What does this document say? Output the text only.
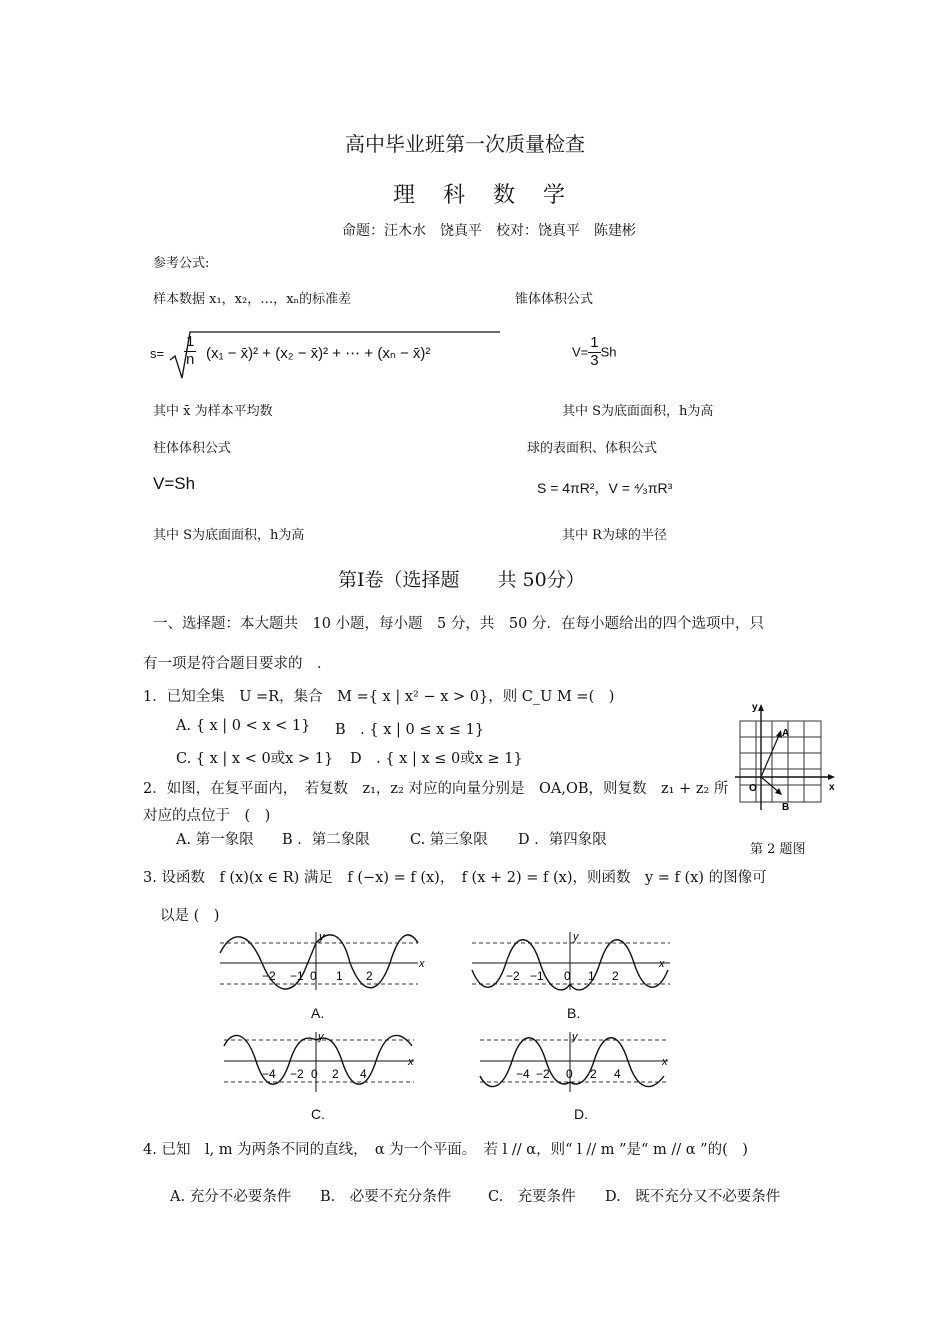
高中毕业班第一次质量检查
理科数学
命题：汪木水　饶真平　校对：饶真平　陈建彬
参考公式:
样本数据 x₁，x₂，…，xₙ的标准差	锥体体积公式
$s= \frac{1}{n} (x_1$ − x̄)² + (x₂ − x̄)² + ⋯ + (xₙ − x̄)²	$V= \frac{1}{3}$ Sh
其中 x̄ 为样本平均数	其中 S为底面面积，h为高
柱体体积公式	球的表面积、体积公式
V=Sh	S = 4πR²，V = ⁴⁄₃πR³
其中 S为底面面积，h为高	其中 R为球的半径
第Ⅰ卷（选择题　　共 50分）
一、选择题：本大题共　10 小题，每小题　5 分，共　50 分．在每小题给出的四个选项中，只
有一项是符合题目要求的　．
1．已知全集　U =R，集合　M ={ x | x² − x > 0}，则 C_U M =(　)
A. { x | 0 < x < 1} B　. { x | 0 ≤ x ≤ 1}
C. { x | x < 0或x > 1} D　. { x | x ≤ 0或x ≥ 1}
2．如图，在复平面内，　若复数　z₁，z₂ 对应的向量分别是　OA,OB，则复数　z₁ + z₂ 所
对应的点位于　(　)
A. 第一象限 B ．第二象限	C. 第三象限 D ．第四象限
y
x
O
A
B
第 2 题图
3. 设函数　f (x)(x ∈ R) 满足　f (−x) = f (x)，　f (x + 2) = f (x)，则函数　y = f (x) 的图像可
以是 (　)
y
x
−2 −1 0 1 2
A.
y
x
−2 −1 0 1 2
B.
y
x
−4 −2 0 2 4
C.
y
x
−4 −2 0 2 4
D.
4. 已知　l, m 为两条不同的直线，　α 为一个平面。　若 l // α，则“ l // m ”是“ m // α ”的(　)
A. 充分不必要条件 B.　必要不充分条件	C.　充要条件 D.　既不充分又不必要条件
